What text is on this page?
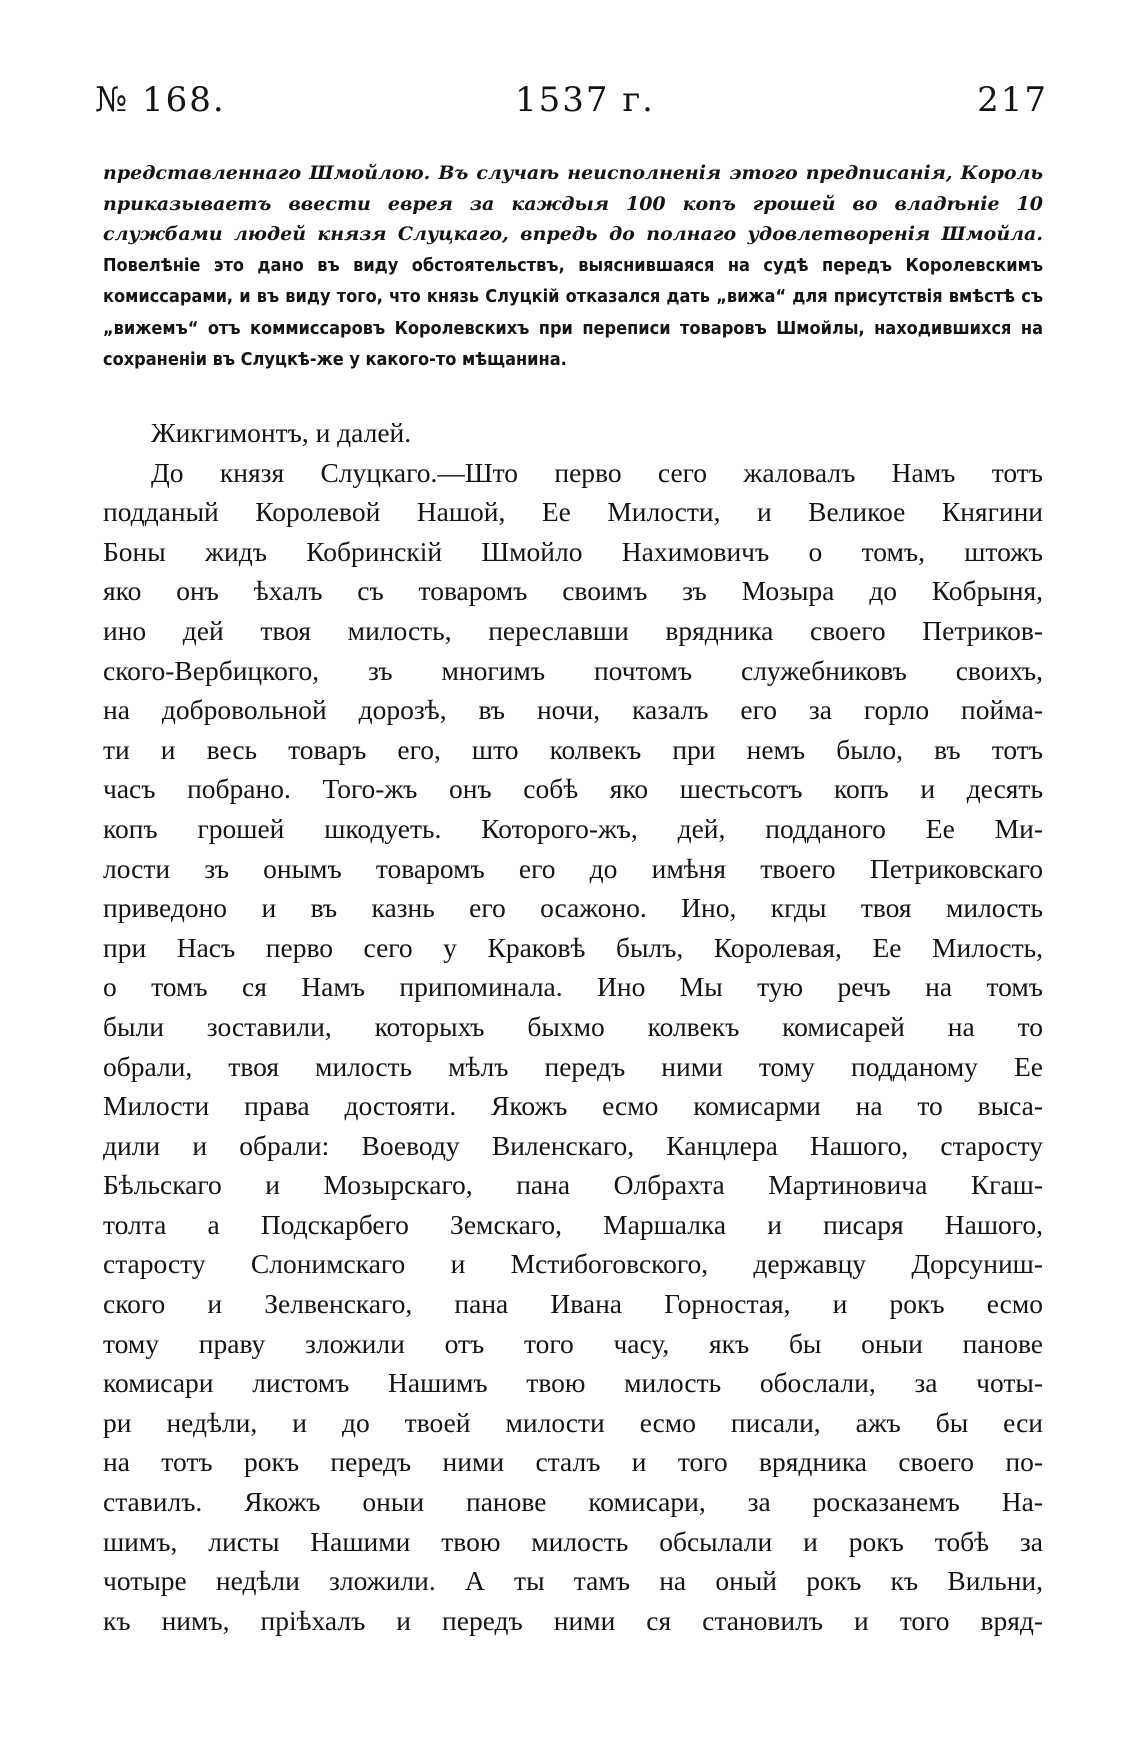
№ 168.	1537 г.	217

представленнаго Шмойлою. Въ случаѣ неисполненія этого предписанія, Король приказываетъ ввести еврея за каждыя 100 копъ грошей во владѣніе 10 службами людей князя Слуцкаго, впредь до полнаго удовлетворенія Шмойла. Повелѣніе это дано въ виду обстоятельствъ, выяснившаяся на судѣ передъ Королевскимъ комиссарами, и въ виду того, что князь Слуцкій отказался дать „вижа“ для присутствія вмѣстѣ съ „вижемъ“ отъ коммиссаровъ Королевскихъ при переписи товаровъ Шмойлы, находившихся на сохраненіи въ Слуцкѣ-же у какого-то мѣщанина.

Жикгимонтъ, и далей.
До князя Слуцкаго.—Што перво сего жаловалъ Намъ тотъ
подданый Королевой Нашой, Ее Милости, и Великое Княгини
Боны жидъ Кобринскій Шмойло Нахимовичъ о томъ, штожъ
яко онъ ѣхалъ съ товаромъ своимъ зъ Мозыра до Кобрыня,
ино дей твоя милость, переславши врядника своего Петриков-
ского-Вербицкого, зъ многимъ почтомъ служебниковъ своихъ,
на добровольной дорозѣ, въ ночи, казалъ его за горло поймa-
ти и весь товаръ его, што колвекъ при немъ было, въ тотъ
часъ побрано. Того-жъ онъ собѣ яко шестьсотъ копъ и десять
копъ грошей шкодуеть. Которого-жъ, дей, подданого Ее Ми-
лости зъ онымъ товаромъ его до имѣня твоего Петриковскаго
приведоно и въ казнь его осажоно. Ино, кгды твоя милость
при Насъ перво сего у Краковѣ былъ, Королевая, Ее Милость,
о томъ ся Намъ припоминала. Ино Мы тую речъ на томъ
были зоставили, которыхъ быхмо колвекъ комисарей на то
обрали, твоя милость мѣлъ передъ ними тому подданому Ее
Милости права достояти. Якожъ есмо комисарми на то выса-
дили и обрали: Воеводу Виленскаго, Канцлера Нашого, старосту
Бѣльскаго и Мозырскаго, пана Олбрахта Мартиновича Кгаш-
толта а Подскарбего Земскаго, Маршалка и писаря Нашого,
старосту Слонимскаго и Мстибоговского, державцу Дорсуниш-
ского и Зелвенскаго, пана Ивана Горностая, и рокъ есмо
тому праву зложили отъ того часу, якъ бы оныи панове
комисари листомъ Нашимъ твою милость обослали, за чоты-
ри недѣли, и до твоей милости есмо писали, ажъ бы еси
на тотъ рокъ передъ ними сталъ и того врядника своего по-
ставилъ. Якожъ оныи панове комисари, за росказанемъ На-
шимъ, листы Нашими твою милость обсылали и рокъ тобѣ за
чотыре недѣли зложили. А ты тамъ на оный рокъ къ Вильни,
къ нимъ, пріѣхалъ и передъ ними ся становилъ и того вряд-
